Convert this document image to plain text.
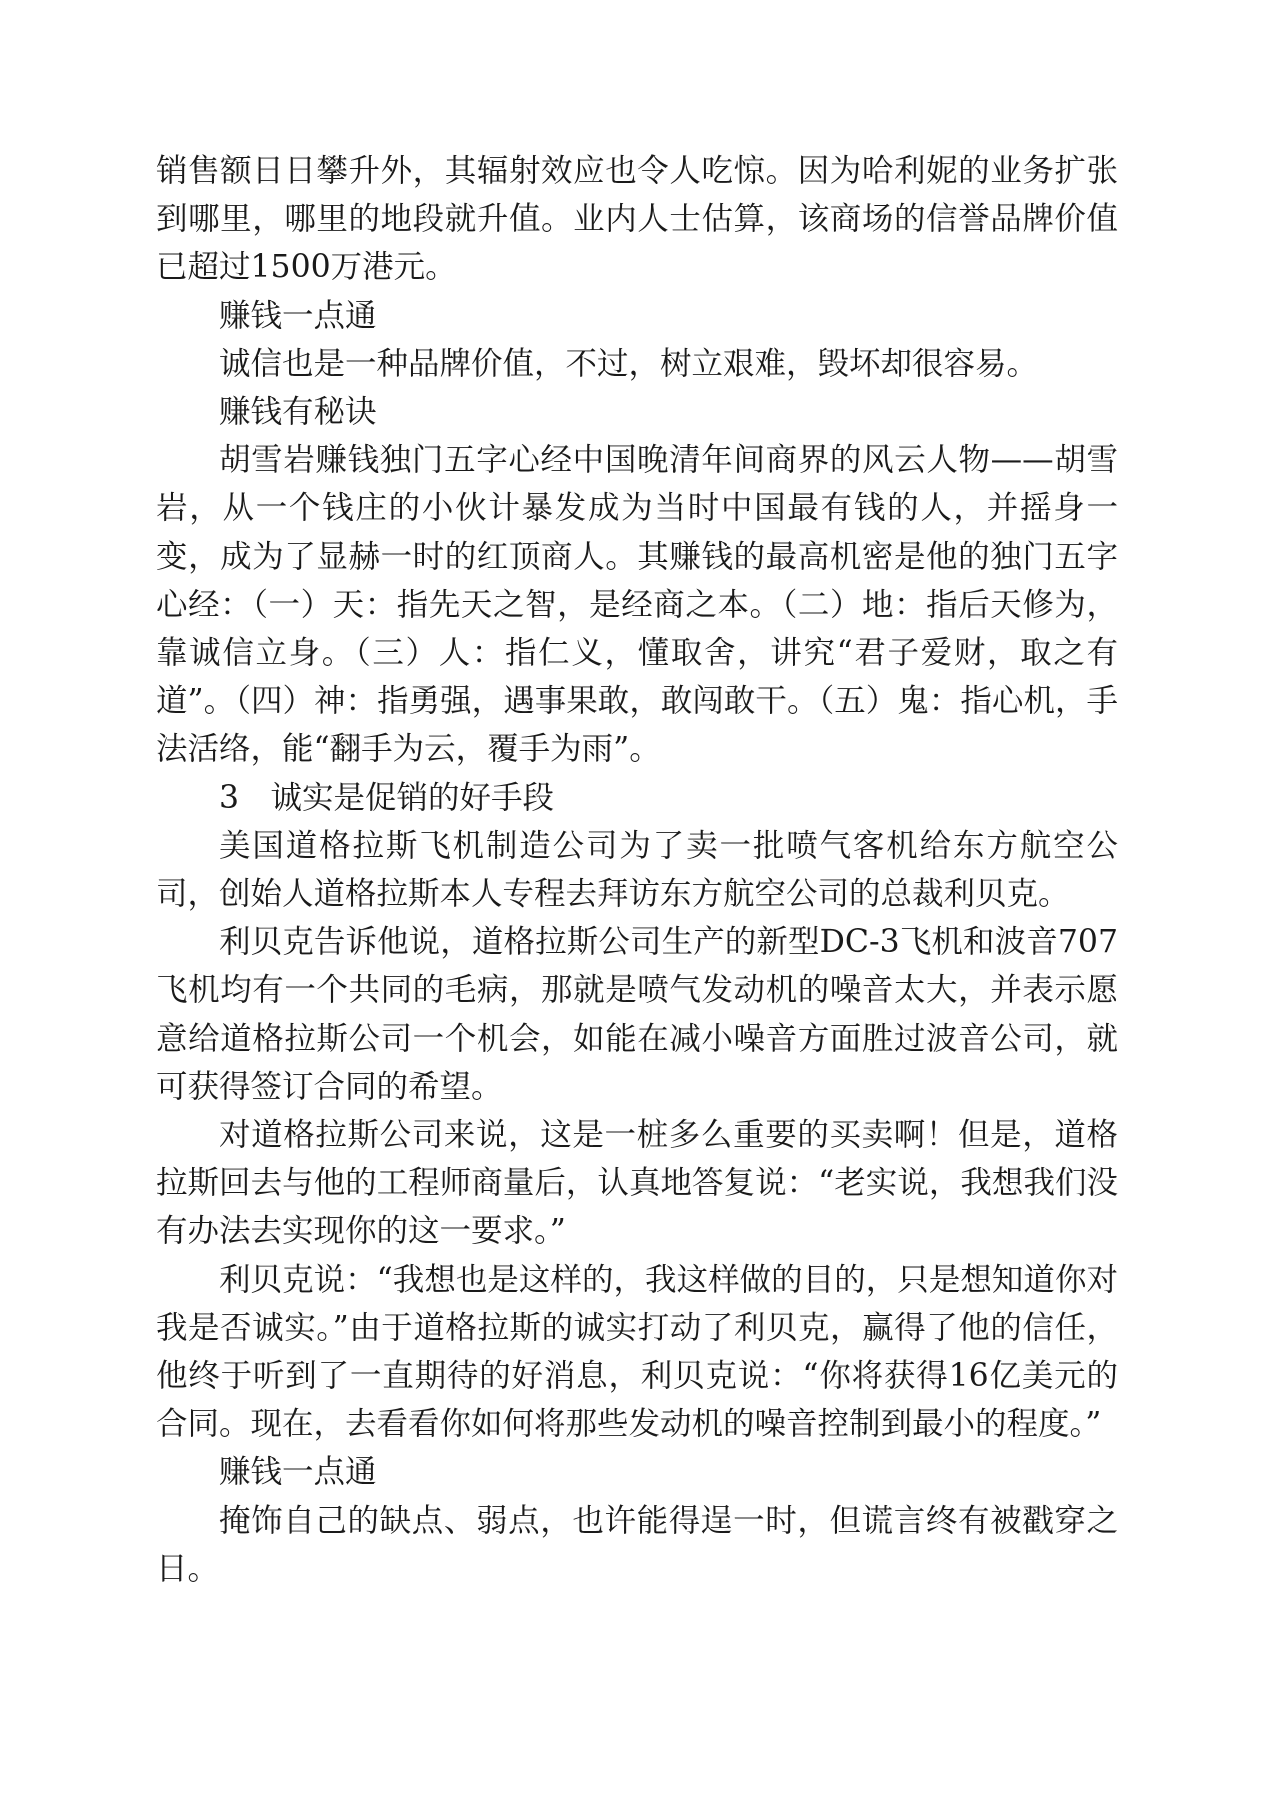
销售额日日攀升外，其辐射效应也令人吃惊。因为哈利妮的业务扩张到哪里，哪里的地段就升值。业内人士估算，该商场的信誉品牌价值已超过1500万港元。

赚钱一点通

诚信也是一种品牌价值，不过，树立艰难，毁坏却很容易。

赚钱有秘诀

胡雪岩赚钱独门五字心经中国晚清年间商界的风云人物——胡雪岩，从一个钱庄的小伙计暴发成为当时中国最有钱的人，并摇身一变，成为了显赫一时的红顶商人。其赚钱的最高机密是他的独门五字心经：（一）天：指先天之智，是经商之本。（二）地：指后天修为，靠诚信立身。（三）人：指仁义，懂取舍，讲究“君子爱财，取之有道”。（四）神：指勇强，遇事果敢，敢闯敢干。（五）鬼：指心机，手法活络，能“翻手为云，覆手为雨”。

3　诚实是促销的好手段

美国道格拉斯飞机制造公司为了卖一批喷气客机给东方航空公司，创始人道格拉斯本人专程去拜访东方航空公司的总裁利贝克。

利贝克告诉他说，道格拉斯公司生产的新型DC-3飞机和波音707飞机均有一个共同的毛病，那就是喷气发动机的噪音太大，并表示愿意给道格拉斯公司一个机会，如能在减小噪音方面胜过波音公司，就可获得签订合同的希望。

对道格拉斯公司来说，这是一桩多么重要的买卖啊！但是，道格拉斯回去与他的工程师商量后，认真地答复说：“老实说，我想我们没有办法去实现你的这一要求。”

利贝克说：“我想也是这样的，我这样做的目的，只是想知道你对我是否诚实。”由于道格拉斯的诚实打动了利贝克，赢得了他的信任，他终于听到了一直期待的好消息，利贝克说：“你将获得16亿美元的合同。现在，去看看你如何将那些发动机的噪音控制到最小的程度。”

赚钱一点通

掩饰自己的缺点、弱点，也许能得逞一时，但谎言终有被戳穿之日。
